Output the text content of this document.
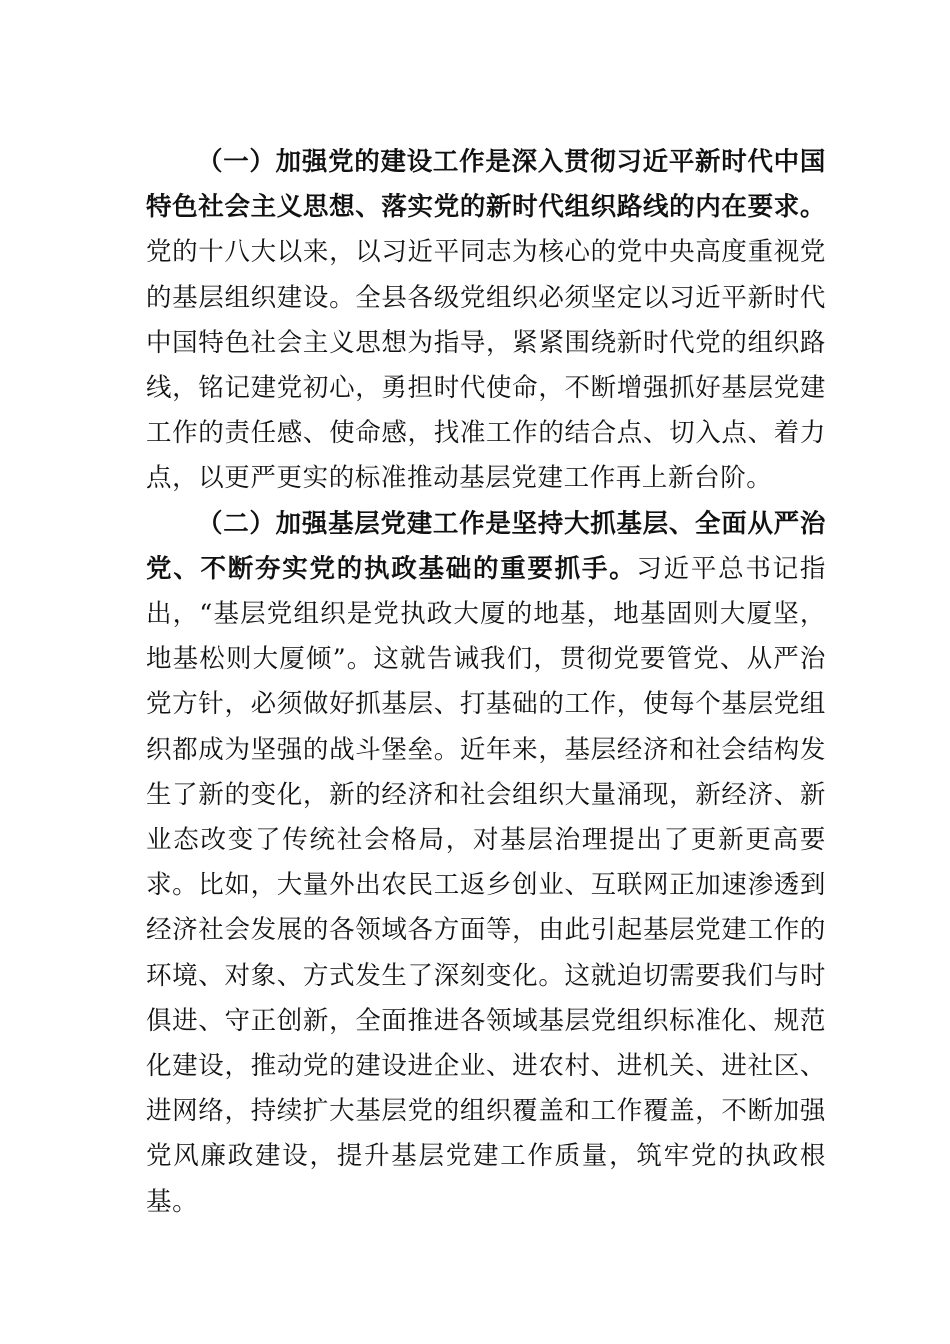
（一）加强党的建设工作是深入贯彻习近平新时代中国特色社会主义思想、落实党的新时代组织路线的内在要求。党的十八大以来，以习近平同志为核心的党中央高度重视党的基层组织建设。全县各级党组织必须坚定以习近平新时代中国特色社会主义思想为指导，紧紧围绕新时代党的组织路线，铭记建党初心，勇担时代使命，不断增强抓好基层党建工作的责任感、使命感，找准工作的结合点、切入点、着力点，以更严更实的标准推动基层党建工作再上新台阶。

（二）加强基层党建工作是坚持大抓基层、全面从严治党、不断夯实党的执政基础的重要抓手。习近平总书记指出，“基层党组织是党执政大厦的地基，地基固则大厦坚，地基松则大厦倾”。这就告诫我们，贯彻党要管党、从严治党方针，必须做好抓基层、打基础的工作，使每个基层党组织都成为坚强的战斗堡垒。近年来，基层经济和社会结构发生了新的变化，新的经济和社会组织大量涌现，新经济、新业态改变了传统社会格局，对基层治理提出了更新更高要求。比如，大量外出农民工返乡创业、互联网正加速渗透到经济社会发展的各领域各方面等，由此引起基层党建工作的环境、对象、方式发生了深刻变化。这就迫切需要我们与时俱进、守正创新，全面推进各领域基层党组织标准化、规范化建设，推动党的建设进企业、进农村、进机关、进社区、进网络，持续扩大基层党的组织覆盖和工作覆盖，不断加强党风廉政建设，提升基层党建工作质量，筑牢党的执政根基。
